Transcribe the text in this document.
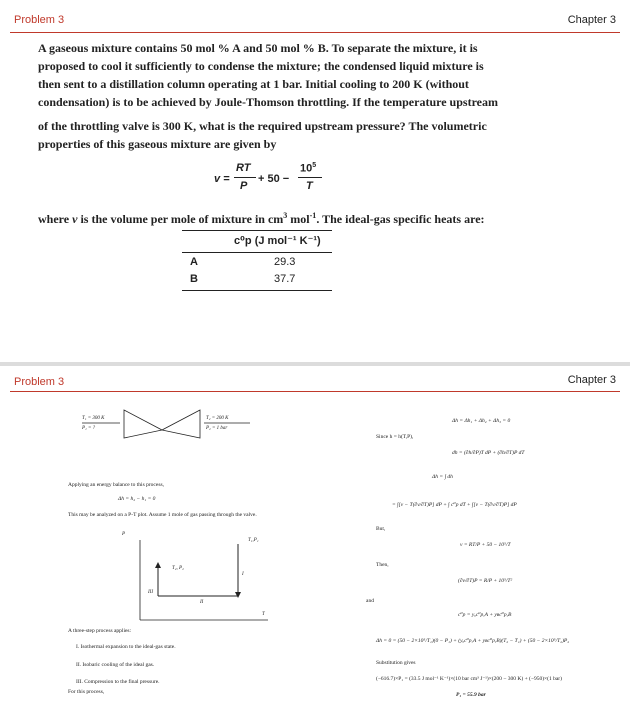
Problem 3	Chapter 3
A gaseous mixture contains 50 mol % A and 50 mol % B. To separate the mixture, it is
proposed to cool it sufficiently to condense the mixture; the condensed liquid mixture is
then sent to a distillation column operating at 1 bar. Initial cooling to 200 K (without
condensation) is to be achieved by Joule-Thomson throttling. If the temperature upstream
of the throttling valve is 300 K, what is the required upstream pressure? The volumetric
properties of this gaseous mixture are given by
v =
RT
P
+ 50 −
$10^5$
T
where v is the volume per mole of mixture in $cm^3$ mol$^{-1}$. The ideal-gas specific heats are:
c⁰p (J mol⁻¹ K⁻¹)
A	29.3
B	37.7
Problem 3	Chapter 3
T₁ = 300 K
P₁ = ?
T₂ = 200 K
P₂ = 1 bar
Applying an energy balance to this process,
Δh = h₂ − h₁ = 0
This may be analyzed on a P-T plot. Assume 1 mole of gas passing through the valve.
P
T
T₁,P₁
T₂, P₂
I
II
III
A three-step process applies:
I. Isothermal expansion to the ideal-gas state.
II. Isobaric cooling of the ideal gas.
III. Compression to the final pressure.
For this process,
Δh = Δh₁ + Δh₂ + Δh₃ = 0
Since h = h(T,P),
dh = (∂h/∂P)T dP + (∂h/∂T)P dT
Δh = ∫ dh
= ∫[v − T(∂v/∂T)P] dP + ∫ c⁰p dT + ∫[v − T(∂v/∂T)P] dP
But,
v = RT/P + 50 − 10⁵/T
Then,
(∂v/∂T)P = R/P + 10⁵/T²
and
c⁰p = yₐc⁰p,A + yʙc⁰p,B
Δh = 0 = (50 − 2×10⁵/T₁)(0 − P₁) + (yₐc⁰p,A + yʙc⁰p,B)(T₂ − T₁) + (50 − 2×10⁵/T₂)P₂
Substitution gives
(−616.7)×P₁ = (33.5 J mol⁻¹ K⁻¹)×(10 bar cm³ J⁻¹)×(200 − 300 K) + (−950)×(1 bar)
P₁ = 55.9 bar
